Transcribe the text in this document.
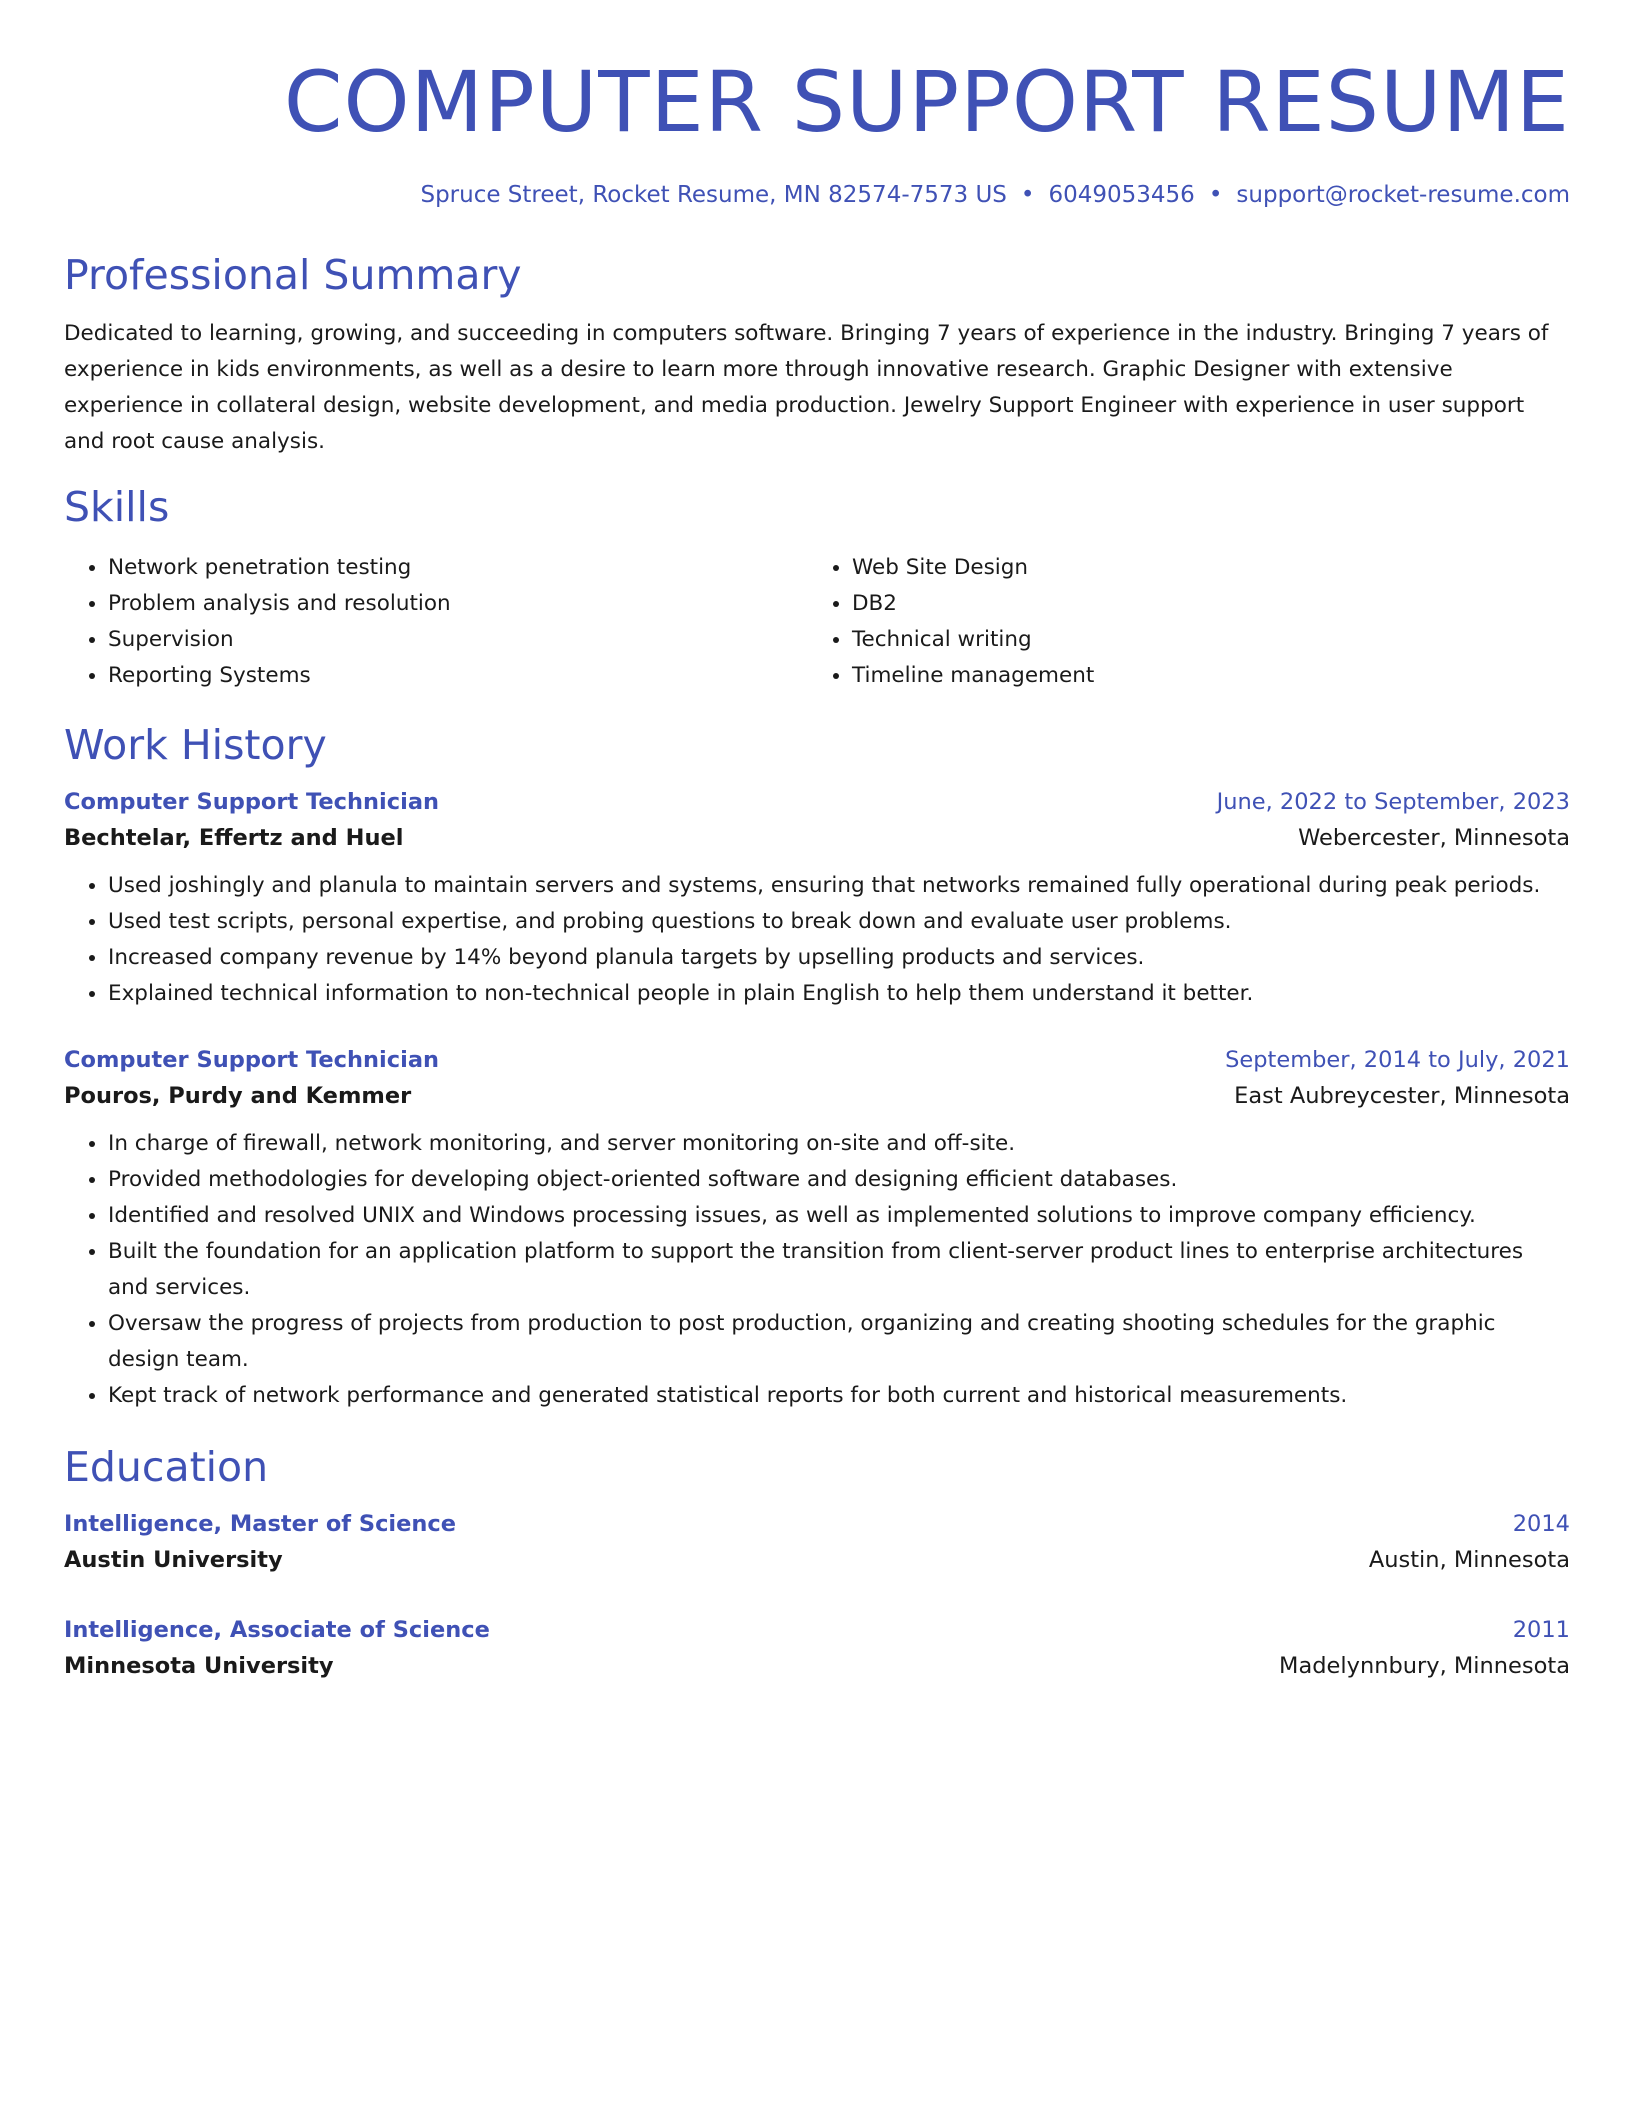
COMPUTER SUPPORT RESUME
Spruce Street, Rocket Resume, MN 82574-7573 US • 6049053456 • support@rocket-resume.com
Professional Summary
Dedicated to learning, growing, and succeeding in computers software. Bringing 7 years of experience in the industry. Bringing 7 years of experience in kids environments, as well as a desire to learn more through innovative research. Graphic Designer with extensive experience in collateral design, website development, and media production. Jewelry Support Engineer with experience in user support and root cause analysis.
Skills
• Network penetration testing
• Problem analysis and resolution
• Supervision
• Reporting Systems
• Web Site Design
• DB2
• Technical writing
• Timeline management
Work History
Computer Support Technician	June, 2022 to September, 2023
Bechtelar, Effertz and Huel	Webercester, Minnesota
• Used joshingly and planula to maintain servers and systems, ensuring that networks remained fully operational during peak periods.
• Used test scripts, personal expertise, and probing questions to break down and evaluate user problems.
• Increased company revenue by 14% beyond planula targets by upselling products and services.
• Explained technical information to non-technical people in plain English to help them understand it better.
Computer Support Technician	September, 2014 to July, 2021
Pouros, Purdy and Kemmer	East Aubreycester, Minnesota
• In charge of firewall, network monitoring, and server monitoring on-site and off-site.
• Provided methodologies for developing object-oriented software and designing efficient databases.
• Identified and resolved UNIX and Windows processing issues, as well as implemented solutions to improve company efficiency.
• Built the foundation for an application platform to support the transition from client-server product lines to enterprise architectures and services.
• Oversaw the progress of projects from production to post production, organizing and creating shooting schedules for the graphic design team.
• Kept track of network performance and generated statistical reports for both current and historical measurements.
Education
Intelligence, Master of Science	2014
Austin University	Austin, Minnesota
Intelligence, Associate of Science	2011
Minnesota University	Madelynnbury, Minnesota
